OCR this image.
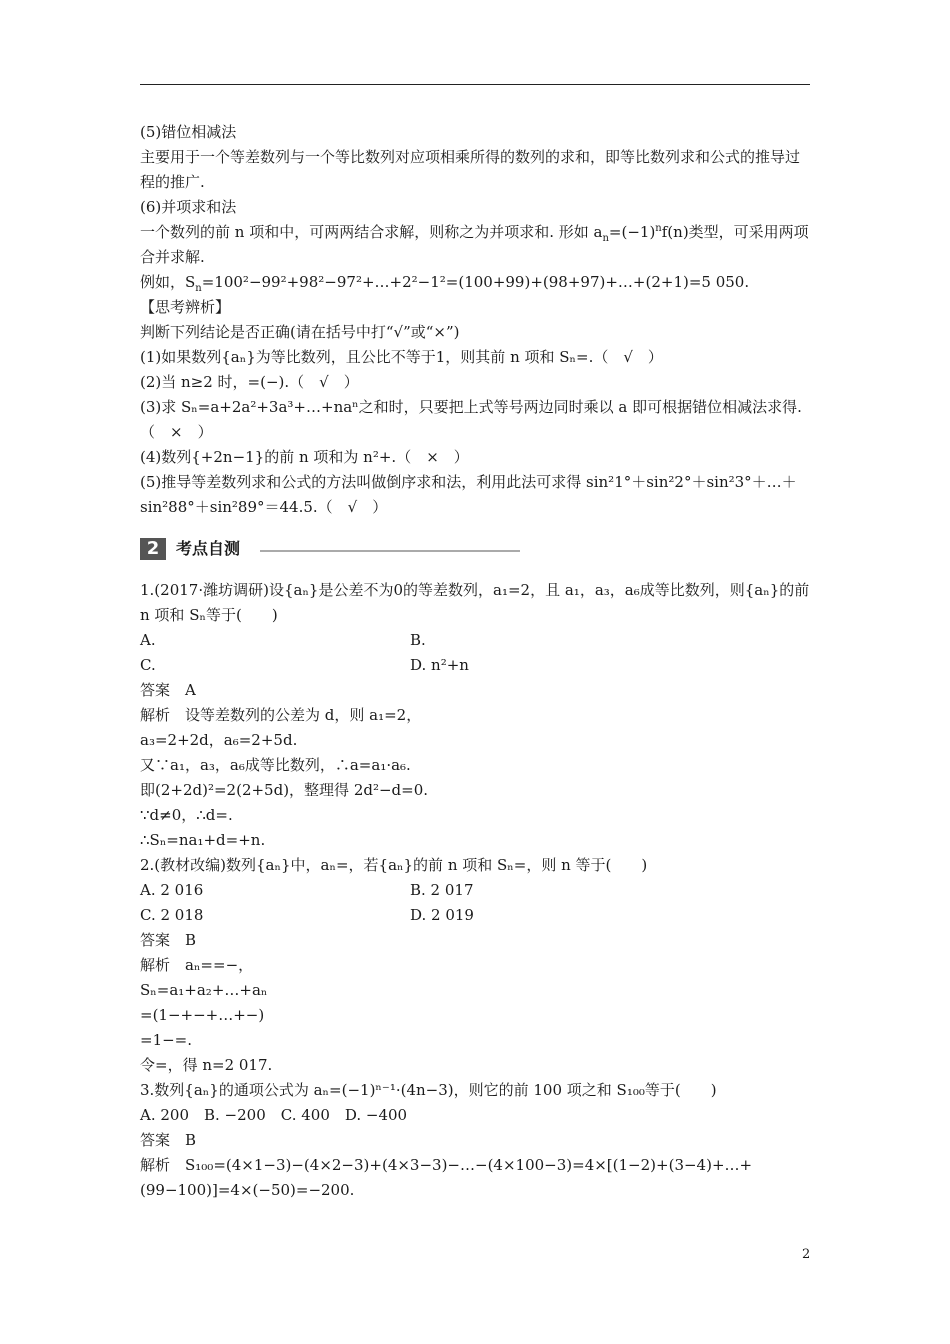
(5)错位相减法
主要用于一个等差数列与一个等比数列对应项相乘所得的数列的求和，即等比数列求和公式的推导过程的推广.
(6)并项求和法
一个数列的前 n 项和中，可两两结合求解，则称之为并项求和. 形如 $a_n=(-1)^nf(n)$类型，可采用两项合并求解.
例如，$S_n=100^2-99^2+98^2-97^2+\dots+2^2-1^2=(100+99)+(98+97)+\dots+(2+1)=5$ 050.
【思考辨析】
判断下列结论是否正确(请在括号中打“√”或“×”)
(1)如果数列{aₙ}为等比数列，且公比不等于1，则其前 n 项和 Sₙ=.（　√　）
(2)当 n≥2 时，=(−).（　√　）
(3)求 Sₙ=a+2a²+3a³+…+naⁿ之和时，只要把上式等号两边同时乘以 a 即可根据错位相减法求得.（　×　）
(4)数列{+2n−1}的前 n 项和为 n²+.（　×　）
(5)推导等差数列求和公式的方法叫做倒序求和法，利用此法可求得 sin²1°＋sin²2°＋sin²3°＋…＋sin²88°＋sin²89°＝44.5.（　√　）
2	考点自测
1.(2017·潍坊调研)设{aₙ}是公差不为0的等差数列，a₁=2，且 a₁，a₃，a₆成等比数列，则{aₙ}的前 n 项和 Sₙ等于(　　)
A.	B.
C.	D. n²+n
答案　A
解析　设等差数列的公差为 d，则 a₁=2，
a₃=2+2d，a₆=2+5d.
又∵a₁，a₃，a₆成等比数列，∴a=a₁·a₆.
即(2+2d)²=2(2+5d)，整理得 2d²−d=0.
∵d≠0，∴d=.
∴Sₙ=na₁+d=+n.
2.(教材改编)数列{aₙ}中，aₙ=，若{aₙ}的前 n 项和 Sₙ=，则 n 等于(　　)
A. 2 016	B. 2 017
C. 2 018	D. 2 019
答案　B
解析　aₙ==−，
Sₙ=a₁+a₂+…+aₙ
=(1−+−+…+−)
=1−=.
令=，得 n=2 017.
3.数列{aₙ}的通项公式为 aₙ=(−1)ⁿ⁻¹·(4n−3)，则它的前 100 项之和 S₁₀₀等于(　　)
A. 200　B. −200　C. 400　D. −400
答案　B
解析　S₁₀₀=(4×1−3)−(4×2−3)+(4×3−3)−…−(4×100−3)=4×[(1−2)+(3−4)+…+(99−100)]=4×(−50)=−200.
2
